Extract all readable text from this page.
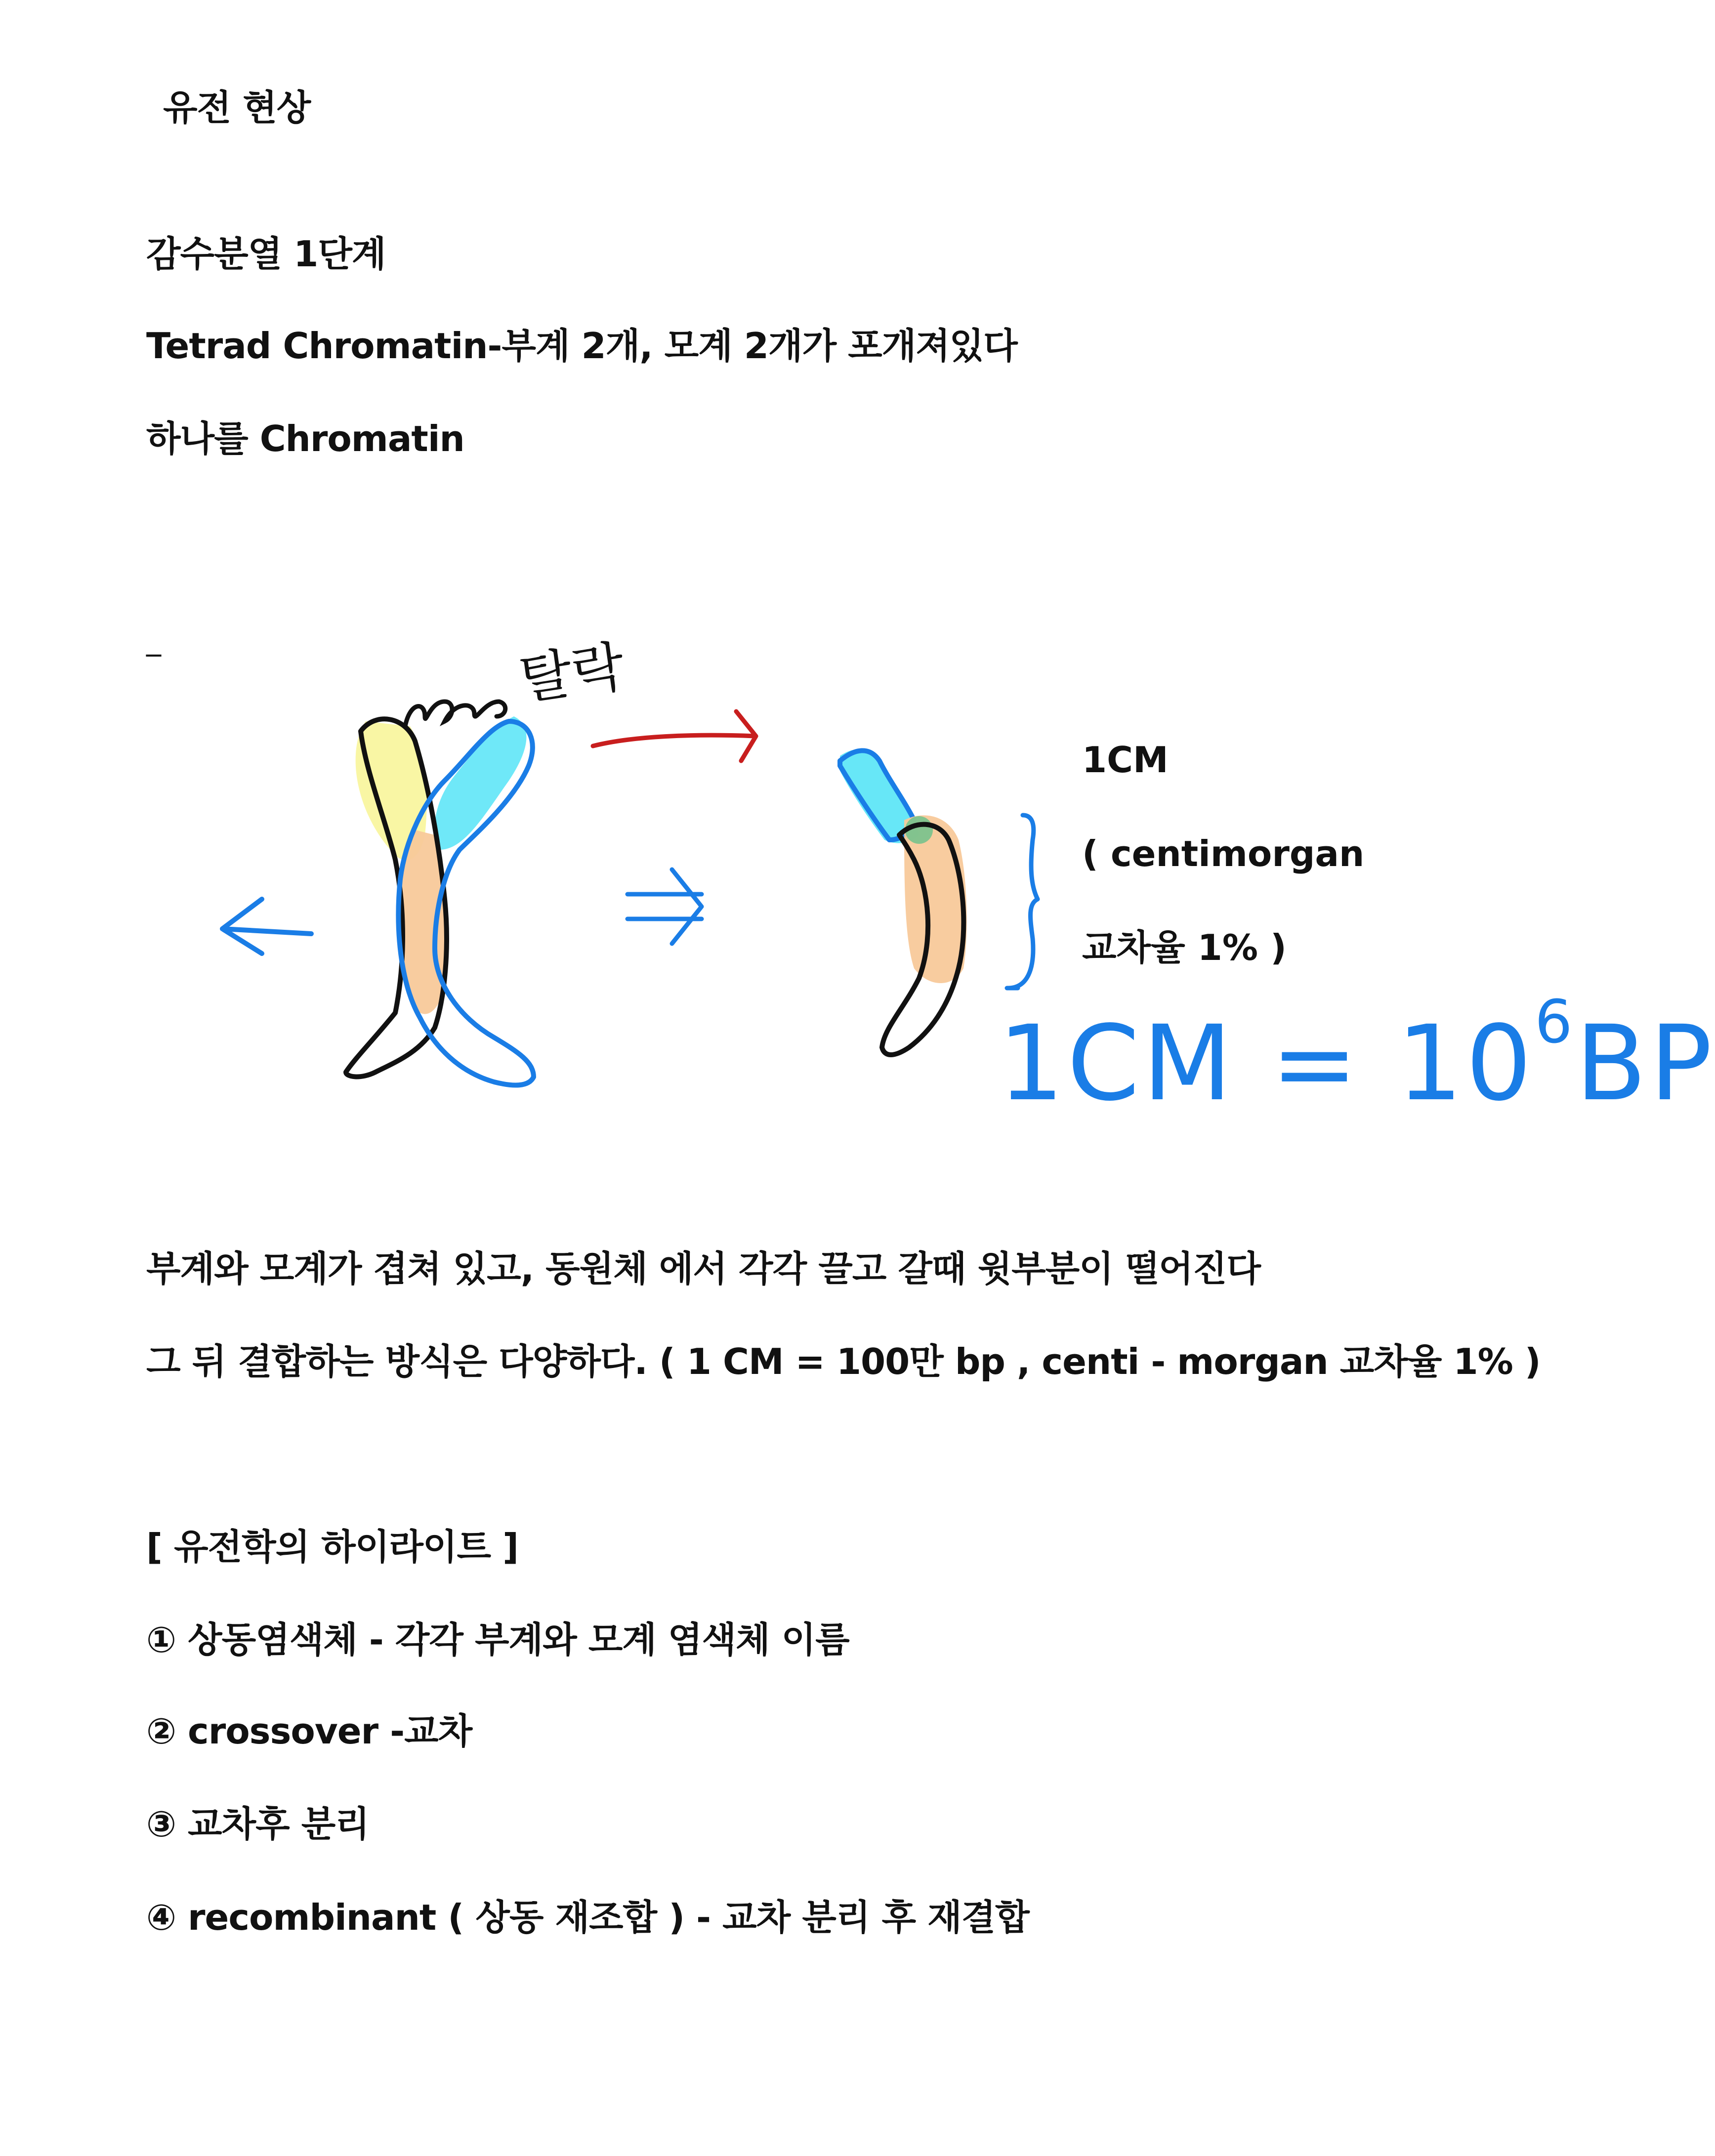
유전 현상
감수분열 1단계
Tetrad Chromatin-부계 2개, 모계 2개가 포개져있다
하나를 Chromatin
_	탈락
1CM
( centimorgan
교차율 1% )
$1CM = 10^6BP$
부계와 모계가 겹쳐 있고, 동원체 에서 각각 끌고 갈때 윗부분이 떨어진다
그 뒤 결합하는 방식은 다양하다. ( 1 CM = 100만 bp , centi - morgan 교차율 1% )
[ 유전학의 하이라이트 ]
① 상동염색체 - 각각 부계와 모계 염색체 이름
② crossover -교차
③ 교차후 분리
④ recombinant ( 상동 재조합 ) - 교차 분리 후 재결합
